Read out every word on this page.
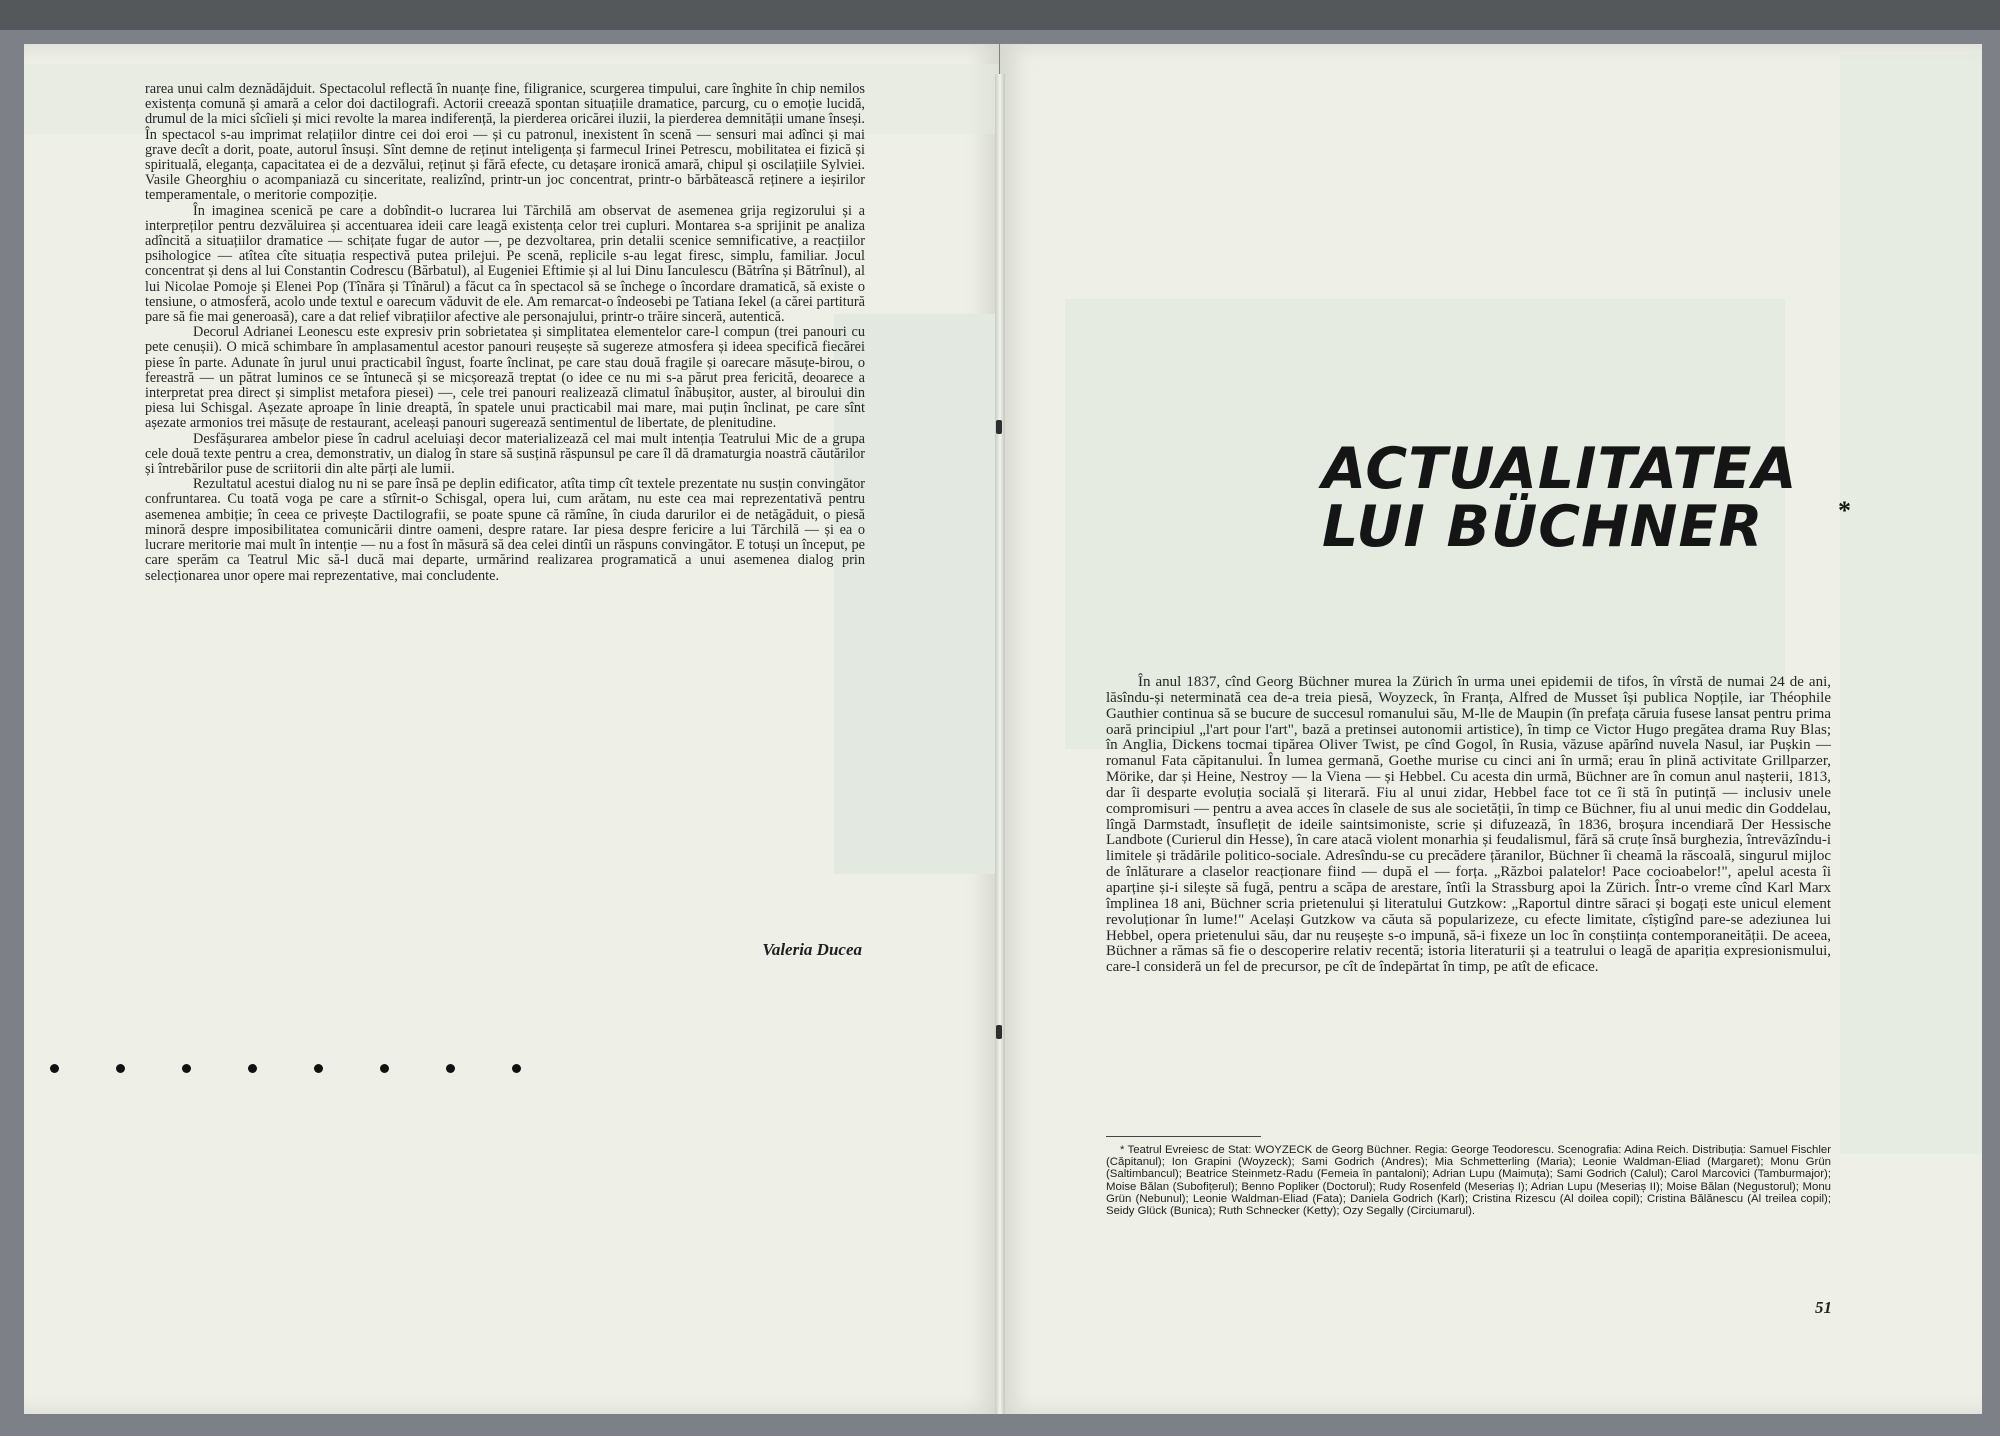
rarea unui calm deznădăjduit. Spectacolul reflectă în nuanțe fine, filigranice, scurgerea timpului, care înghite în chip nemilos existența comună și amară a celor doi dactilografi. Actorii creează spontan situațiile dramatice, parcurg, cu o emoție lucidă, drumul de la mici sîcîieli și mici revolte la marea indiferență, la pierderea oricărei iluzii, la pierderea demnității umane înseși. În spectacol s-au imprimat relațiilor dintre cei doi eroi — și cu patronul, inexistent în scenă — sensuri mai adînci și mai grave decît a dorit, poate, autorul însuși. Sînt demne de reținut inteligența și farmecul Irinei Petrescu, mobilitatea ei fizică și spirituală, eleganța, capacitatea ei de a dezvălui, reținut și fără efecte, cu detașare ironică amară, chipul și oscilațiile Sylviei. Vasile Gheorghiu o acompaniază cu sinceritate, realizînd, printr-un joc concentrat, printr-o bărbătească reținere a ieșirilor temperamentale, o meritorie compoziție.

În imaginea scenică pe care a dobîndit-o lucrarea lui Tărchilă am observat de asemenea grija regizorului și a interpreților pentru dezvăluirea și accentuarea ideii care leagă existența celor trei cupluri. Montarea s-a sprijinit pe analiza adîncită a situațiilor dramatice — schițate fugar de autor —, pe dezvoltarea, prin detalii scenice semnificative, a reacțiilor psihologice — atîtea cîte situația respectivă putea prilejui. Pe scenă, replicile s-au legat firesc, simplu, familiar. Jocul concentrat și dens al lui Constantin Codrescu (Bărbatul), al Eugeniei Eftimie și al lui Dinu Ianculescu (Bătrîna și Bătrînul), al lui Nicolae Pomoje și Elenei Pop (Tînăra și Tînărul) a făcut ca în spectacol să se închege o încordare dramatică, să existe o tensiune, o atmosferă, acolo unde textul e oarecum văduvit de ele. Am remarcat-o îndeosebi pe Tatiana Iekel (a cărei partitură pare să fie mai generoasă), care a dat relief vibrațiilor afective ale personajului, printr-o trăire sinceră, autentică.

Decorul Adrianei Leonescu este expresiv prin sobrietatea și simplitatea elementelor care-l compun (trei panouri cu pete cenușii). O mică schimbare în amplasamentul acestor panouri reușește să sugereze atmosfera și ideea specifică fiecărei piese în parte. Adunate în jurul unui practicabil îngust, foarte înclinat, pe care stau două fragile și oarecare măsuțe-birou, o fereastră — un pătrat luminos ce se întunecă și se micșorează treptat (o idee ce nu mi s-a părut prea fericită, deoarece a interpretat prea direct și simplist metafora piesei) —, cele trei panouri realizează climatul înăbușitor, auster, al biroului din piesa lui Schisgal. Așezate aproape în linie dreaptă, în spatele unui practicabil mai mare, mai puțin înclinat, pe care sînt așezate armonios trei măsuțe de restaurant, aceleași panouri sugerează sentimentul de libertate, de plenitudine.

Desfășurarea ambelor piese în cadrul aceluiași decor materializează cel mai mult intenția Teatrului Mic de a grupa cele două texte pentru a crea, demonstrativ, un dialog în stare să susțină răspunsul pe care îl dă dramaturgia noastră căutărilor și întrebărilor puse de scriitorii din alte părți ale lumii.

Rezultatul acestui dialog nu ni se pare însă pe deplin edificator, atîta timp cît textele prezentate nu susțin convingător confruntarea. Cu toată voga pe care a stîrnit-o Schisgal, opera lui, cum arătam, nu este cea mai reprezentativă pentru asemenea ambiție; în ceea ce privește Dactilografii, se poate spune că rămîne, în ciuda darurilor ei de netăgăduit, o piesă minoră despre imposibilitatea comunicării dintre oameni, despre ratare. Iar piesa despre fericire a lui Tărchilă — și ea o lucrare meritorie mai mult în intenție — nu a fost în măsură să dea celei dintîi un răspuns convingător. E totuși un început, pe care sperăm ca Teatrul Mic să-l ducă mai departe, urmărind realizarea programatică a unui asemenea dialog prin selecționarea unor opere mai reprezentative, mai concludente.

Valeria Ducea
ACTUALITATEA
LUI BÜCHNER	*

În anul 1837, cînd Georg Büchner murea la Zürich în urma unei epidemii de tifos, în vîrstă de numai 24 de ani, lăsîndu-și neterminată cea de-a treia piesă, Woyzeck, în Franța, Alfred de Musset își publica Nopțile, iar Théophile Gauthier continua să se bucure de succesul romanului său, M-lle de Maupin (în prefața căruia fusese lansat pentru prima oară principiul „l'art pour l'art", bază a pretinsei autonomii artistice), în timp ce Victor Hugo pregătea drama Ruy Blas; în Anglia, Dickens tocmai tipărea Oliver Twist, pe cînd Gogol, în Rusia, văzuse apărînd nuvela Nasul, iar Pușkin — romanul Fata căpitanului. În lumea germană, Goethe murise cu cinci ani în urmă; erau în plină activitate Grillparzer, Mörike, dar și Heine, Nestroy — la Viena — și Hebbel. Cu acesta din urmă, Büchner are în comun anul nașterii, 1813, dar îi desparte evoluția socială și literară. Fiu al unui zidar, Hebbel face tot ce îi stă în putință — inclusiv unele compromisuri — pentru a avea acces în clasele de sus ale societății, în timp ce Büchner, fiu al unui medic din Goddelau, lîngă Darmstadt, însuflețit de ideile saintsimoniste, scrie și difuzează, în 1836, broșura incendiară Der Hessische Landbote (Curierul din Hesse), în care atacă violent monarhia și feudalismul, fără să cruțe însă burghezia, întrevăzîndu-i limitele și trădările politico-sociale. Adresîndu-se cu precădere țăranilor, Büchner îi cheamă la răscoală, singurul mijloc de înlăturare a claselor reacționare fiind — după el — forța. „Război palatelor! Pace cocioabelor!", apelul acesta îi aparține și-i silește să fugă, pentru a scăpa de arestare, întîi la Strassburg apoi la Zürich. Într-o vreme cînd Karl Marx împlinea 18 ani, Büchner scria prietenului și literatului Gutzkow: „Raportul dintre săraci și bogați este unicul element revoluționar în lume!" Același Gutzkow va căuta să popularizeze, cu efecte limitate, cîștigînd pare-se adeziunea lui Hebbel, opera prietenului său, dar nu reușește s-o impună, să-i fixeze un loc în conștiința contemporaneității. De aceea, Büchner a rămas să fie o descoperire relativ recentă; istoria literaturii și a teatrului o leagă de apariția expresionismului, care-l consideră un fel de precursor, pe cît de îndepărtat în timp, pe atît de eficace.

* Teatrul Evreiesc de Stat: WOYZECK de Georg Büchner. Regia: George Teodorescu. Scenografia: Adina Reich. Distribuția: Samuel Fischler (Căpitanul); Ion Grapini (Woyzeck); Sami Godrich (Andres); Mia Schmetterling (Maria); Leonie Waldman-Eliad (Margaret); Monu Grün (Saltimbancul); Beatrice Steinmetz-Radu (Femeia în pantaloni); Adrian Lupu (Maimuța); Sami Godrich (Calul); Carol Marcovici (Tamburmajor); Moise Bălan (Subofițerul); Benno Popliker (Doctorul); Rudy Rosenfeld (Meseriaș I); Adrian Lupu (Meseriaș II); Moise Bălan (Negustorul); Monu Grün (Nebunul); Leonie Waldman-Eliad (Fata); Daniela Godrich (Karl); Cristina Rizescu (Al doilea copil); Cristina Bălănescu (Al treilea copil); Seidy Glück (Bunica); Ruth Schnecker (Ketty); Ozy Segally (Circiumarul).
51
